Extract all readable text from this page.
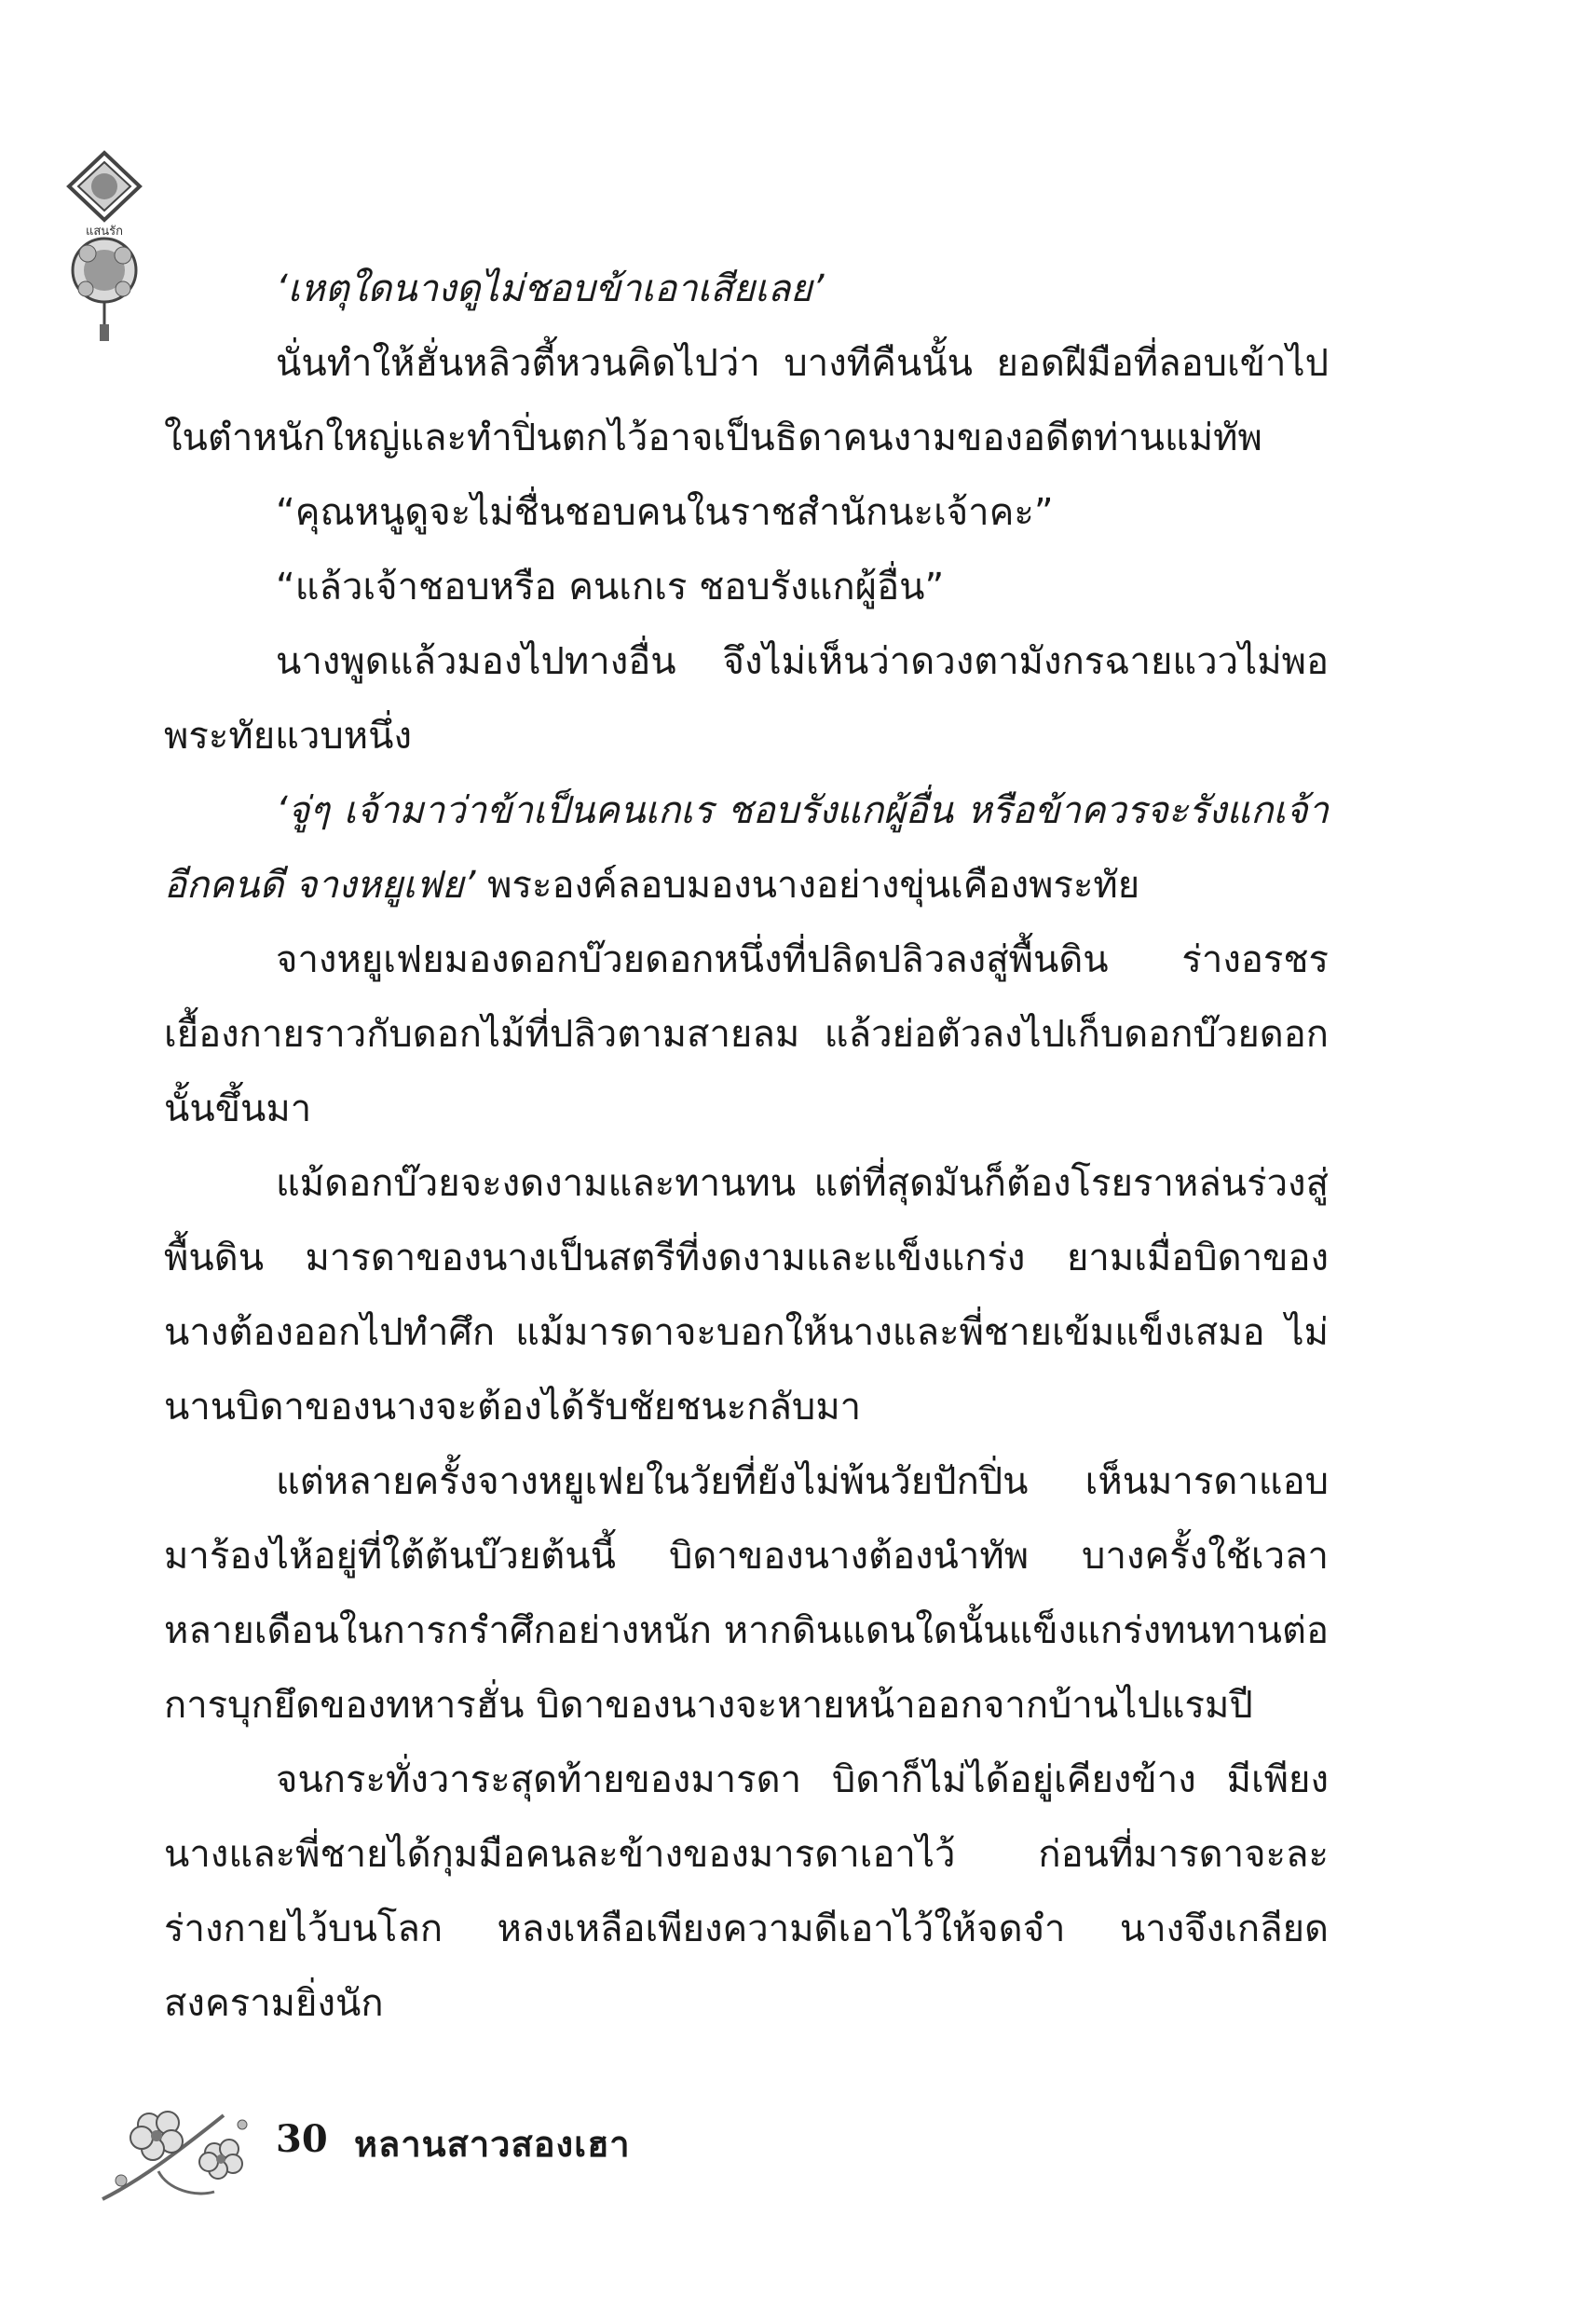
แสนรัก

‘เหตุใดนางดูไม่ชอบข้าเอาเสียเลย’

นั่นทำให้ฮั่นหลิวตี้หวนคิดไปว่า บางทีคืนนั้น ยอดฝีมือที่ลอบเข้าไปในตำหนักใหญ่และทำปิ่นตกไว้อาจเป็นธิดาคนงามของอดีตท่านแม่ทัพ

“คุณหนูดูจะไม่ชื่นชอบคนในราชสำนักนะเจ้าคะ”

“แล้วเจ้าชอบหรือ คนเกเร ชอบรังแกผู้อื่น”

นางพูดแล้วมองไปทางอื่น จึงไม่เห็นว่าดวงตามังกรฉายแววไม่พอพระทัยแวบหนึ่ง

‘จู่ๆ เจ้ามาว่าข้าเป็นคนเกเร ชอบรังแกผู้อื่น หรือข้าควรจะรังแกเจ้าอีกคนดี จางหยูเฟย’ พระองค์ลอบมองนางอย่างขุ่นเคืองพระทัย

จางหยูเฟยมองดอกบ๊วยดอกหนึ่งที่ปลิดปลิวลงสู่พื้นดิน ร่างอรชรเยื้องกายราวกับดอกไม้ที่ปลิวตามสายลม แล้วย่อตัวลงไปเก็บดอกบ๊วยดอกนั้นขึ้นมา

แม้ดอกบ๊วยจะงดงามและทานทน แต่ที่สุดมันก็ต้องโรยราหล่นร่วงสู่พื้นดิน มารดาของนางเป็นสตรีที่งดงามและแข็งแกร่ง ยามเมื่อบิดาของนางต้องออกไปทำศึก แม้มารดาจะบอกให้นางและพี่ชายเข้มแข็งเสมอ ไม่นานบิดาของนางจะต้องได้รับชัยชนะกลับมา

แต่หลายครั้งจางหยูเฟยในวัยที่ยังไม่พ้นวัยปักปิ่น เห็นมารดาแอบมาร้องไห้อยู่ที่ใต้ต้นบ๊วยต้นนี้ บิดาของนางต้องนำทัพ บางครั้งใช้เวลาหลายเดือนในการกรำศึกอย่างหนัก หากดินแดนใดนั้นแข็งแกร่งทนทานต่อการบุกยึดของทหารฮั่น บิดาของนางจะหายหน้าออกจากบ้านไปแรมปี

จนกระทั่งวาระสุดท้ายของมารดา บิดาก็ไม่ได้อยู่เคียงข้าง มีเพียงนางและพี่ชายได้กุมมือคนละข้างของมารดาเอาไว้ ก่อนที่มารดาจะละร่างกายไว้บนโลก หลงเหลือเพียงความดีเอาไว้ให้จดจำ นางจึงเกลียดสงครามยิ่งนัก

30 หลานสาวสองเฮา
